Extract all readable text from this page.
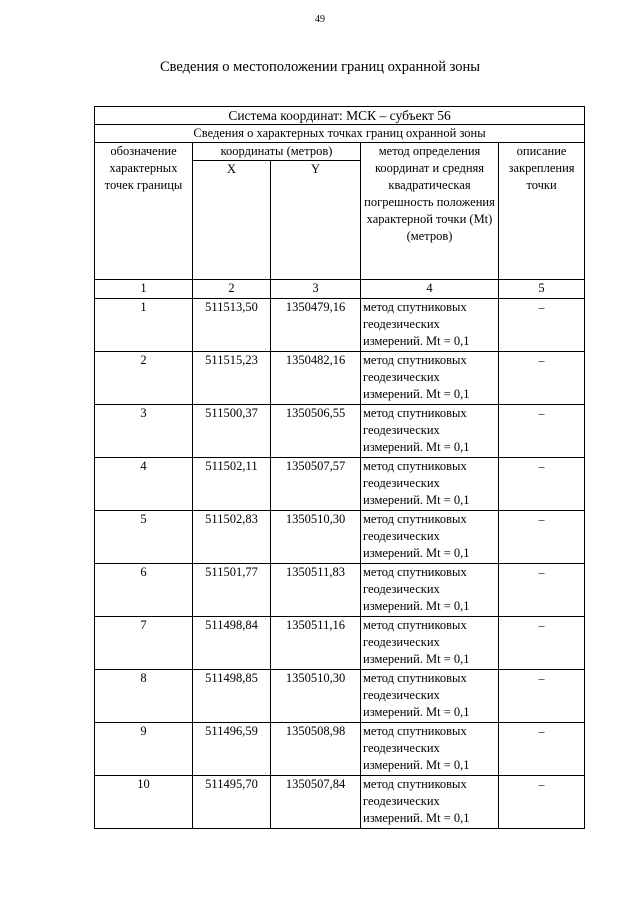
49
Сведения о местоположении границ охранной зоны
Система координат: МСК – субъект 56				
Сведения о характерных точках границ охранной зоны				
обозначение характерных точек границы	координаты (метров)		метод определения координат и средняя квадратическая погрешность положения характерной точки (Mt) (метров)	описание закрепления точки
	X	Y		
1	2	3	4	5
1	511513,50	1350479,16	метод спутниковых геодезических измерений. Mt = 0,1	–
2	511515,23	1350482,16	метод спутниковых геодезических измерений. Mt = 0,1	–
3	511500,37	1350506,55	метод спутниковых геодезических измерений. Mt = 0,1	–
4	511502,11	1350507,57	метод спутниковых геодезических измерений. Mt = 0,1	–
5	511502,83	1350510,30	метод спутниковых геодезических измерений. Mt = 0,1	–
6	511501,77	1350511,83	метод спутниковых геодезических измерений. Mt = 0,1	–
7	511498,84	1350511,16	метод спутниковых геодезических измерений. Mt = 0,1	–
8	511498,85	1350510,30	метод спутниковых геодезических измерений. Mt = 0,1	–
9	511496,59	1350508,98	метод спутниковых геодезических измерений. Mt = 0,1	–
10	511495,70	1350507,84	метод спутниковых геодезических измерений. Mt = 0,1	–
